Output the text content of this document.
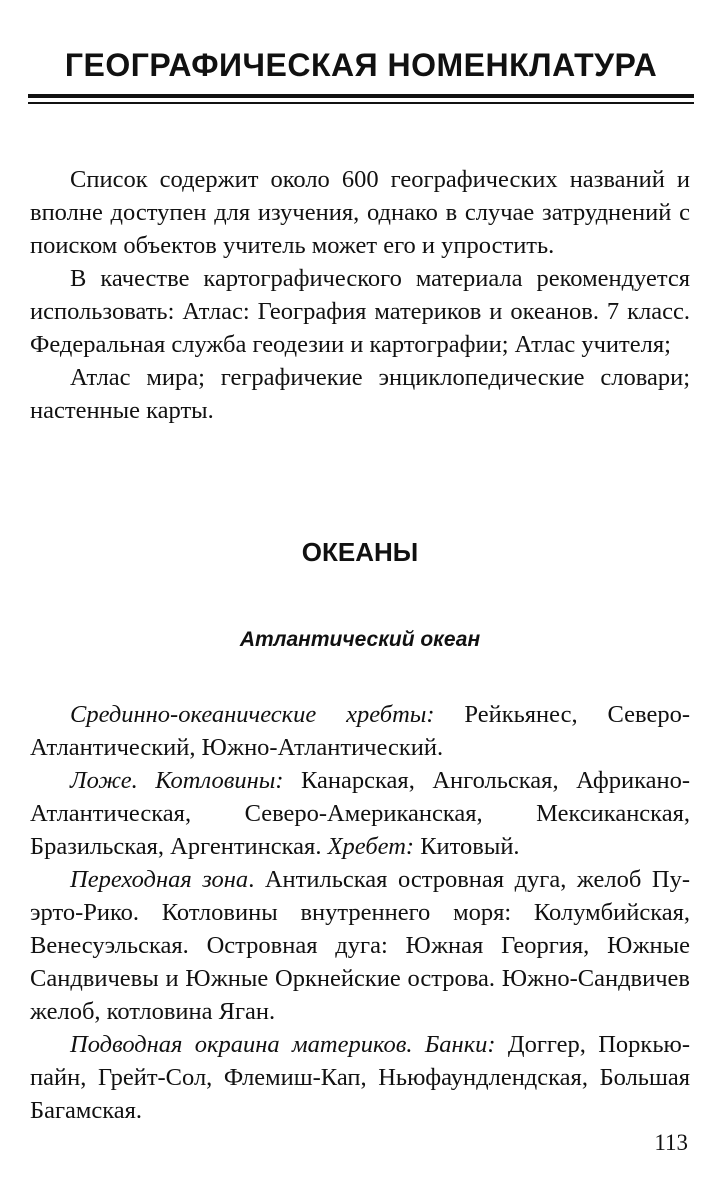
ГЕОГРАФИЧЕСКАЯ НОМЕНКЛАТУРА

Список содержит около 600 географических названий и вполне доступен для изучения, однако в случае затруднений с поиском объектов учитель может его и упростить.

В качестве картографического материала рекомендуется использовать: Атлас: География материков и океанов. 7 класс. Федеральная служба геодезии и картографии; Атлас учителя;

Атлас мира; геграфичекие энциклопедические словари; настенные карты.

ОКЕАНЫ
Атлантический океан

Срединно-океанические хребты: Рейкьянес, Северо-Атлантический, Южно-Атлантический.

Ложе. Котловины: Канарская, Ангольская, Африкано-Атлантическая, Северо-Американская, Мексиканская, Бразильская, Аргентинская. Хребет: Китовый.

Переходная зона. Антильская островная дуга, желоб Пуэрто-Рико. Котловины внутреннего моря: Колумбийская, Венесуэльская. Островная дуга: Южная Георгия, Южные Сандвичевы и Южные Оркнейские острова. Южно-Сандвичев желоб, котловина Яган.

Подводная окраина материков. Банки: Доггер, Поркьюпайн, Грейт-Сол, Флемиш-Кап, Ньюфаундлендская, Большая Багамская.

113
